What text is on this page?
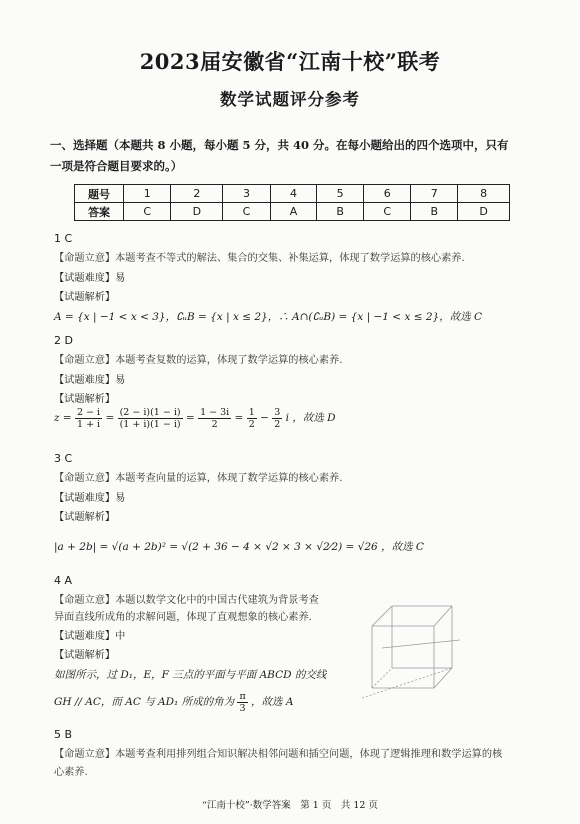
2023届安徽省“江南十校”联考
数学试题评分参考
一、选择题（本题共 8 小题，每小题 5 分，共 40 分。在每小题给出的四个选项中，只有
一项是符合题目要求的。）
题号	1	2	3	4	5	6	7	8
答案	C	D	C	A	B	C	B	D
1 C
【命题立意】本题考查不等式的解法、集合的交集、补集运算，体现了数学运算的核心素养.
【试题难度】易
【试题解析】
A = {x | −1 < x < 3}，∁ᵤB = {x | x ≤ 2}，∴ A∩(∁ᵤB) = {x | −1 < x ≤ 2}，故选 C
2 D
【命题立意】本题考查复数的运算，体现了数学运算的核心素养.
【试题难度】易
【试题解析】
$z = \frac{2 - i}{1 + i} = \frac{(2 - i)(1 - i)}{(1 + i)(1 - i)} = \frac{1 - 3i}{2} = \frac{1}{2} - \frac{3}{2}$ i ，故选 D
3 C
【命题立意】本题考查向量的运算，体现了数学运算的核心素养.
【试题难度】易
【试题解析】
|a + 2b| = √(a + 2b)² = √(2 + 36 − 4 × √2 × 3 × √2⁄2) = √26 ，故选 C
4 A
【命题立意】本题以数学文化中的中国古代建筑为背景考查
异面直线所成角的求解问题，体现了直观想象的核心素养.
【试题难度】中
【试题解析】
如图所示，过 D₁，E，F 三点的平面与平面 ABCD 的交线
GH // AC，而 AC 与 AD₁ 所成的角为 $\frac{\pi}{3}$ ，故选 A
5 B
【命题立意】本题考查利用排列组合知识解决相邻问题和插空问题，体现了逻辑推理和数学运算的核
心素养.
“江南十校”·数学答案　第 1 页　共 12 页
